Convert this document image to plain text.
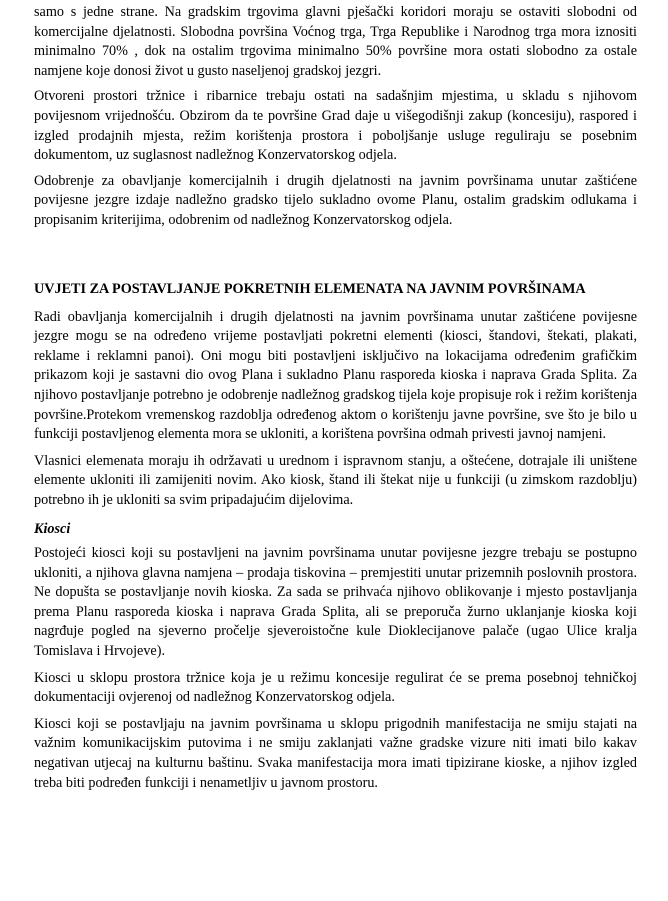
samo s jedne strane. Na gradskim trgovima glavni pješački koridori moraju se ostaviti slobodni od komercijalne djelatnosti. Slobodna površina Voćnog trga, Trga Republike i Narodnog trga mora iznositi minimalno 70% , dok na ostalim trgovima minimalno 50% površine mora ostati slobodno za ostale namjene koje donosi život u gusto naseljenoj gradskoj jezgri.

Otvoreni prostori tržnice i ribarnice trebaju ostati na sadašnjim mjestima, u skladu s njihovom povijesnom vrijednošću. Obzirom da te površine Grad daje u višegodišnji zakup (koncesiju), raspored i izgled prodajnih mjesta, režim korištenja prostora i poboljšanje usluge reguliraju se posebnim dokumentom, uz suglasnost nadležnog Konzervatorskog odjela.

Odobrenje za obavljanje komercijalnih i drugih djelatnosti na javnim površinama unutar zaštićene povijesne jezgre izdaje nadležno gradsko tijelo sukladno ovome Planu, ostalim gradskim odlukama i propisanim kriterijima, odobrenim od nadležnog Konzervatorskog odjela.

UVJETI ZA POSTAVLJANJE POKRETNIH ELEMENATA NA JAVNIM POVRŠINAMA

Radi obavljanja komercijalnih i drugih djelatnosti na javnim površinama unutar zaštićene povijesne jezgre mogu se na određeno vrijeme postavljati pokretni elementi (kiosci, štandovi, štekati, plakati, reklame i reklamni panoi). Oni mogu biti postavljeni isključivo na lokacijama određenim grafičkim prikazom koji je sastavni dio ovog Plana i sukladno Planu rasporeda kioska i naprava Grada Splita. Za njihovo postavljanje potrebno je odobrenje nadležnog gradskog tijela koje propisuje rok i režim korištenja površine.Protekom vremenskog razdoblja određenog aktom o korištenju javne površine, sve što je bilo u funkciji postavljenog elementa mora se ukloniti, a korištena površina odmah privesti javnoj namjeni.

Vlasnici elemenata moraju ih održavati u urednom i ispravnom stanju, a oštećene, dotrajale ili uništene elemente ukloniti ili zamijeniti novim. Ako kiosk, štand ili štekat nije u funkciji (u zimskom razdoblju) potrebno ih je ukloniti sa svim pripadajućim dijelovima.

Kiosci

Postojeći kiosci koji su postavljeni na javnim površinama unutar povijesne jezgre trebaju se postupno ukloniti, a njihova glavna namjena – prodaja tiskovina – premjestiti unutar prizemnih poslovnih prostora. Ne dopušta se postavljanje novih kioska. Za sada se prihvaća njihovo oblikovanje i mjesto postavljanja prema Planu rasporeda kioska i naprava Grada Splita, ali se preporuča žurno uklanjanje kioska koji nagrđuje pogled na sjeverno pročelje sjeveroistočne kule Dioklecijanove palače (ugao Ulice kralja Tomislava i Hrvojeve).

Kiosci u sklopu prostora tržnice koja je u režimu koncesije regulirat će se prema posebnoj tehničkoj dokumentaciji ovjerenoj od nadležnog Konzervatorskog odjela.

Kiosci koji se postavljaju na javnim površinama u sklopu prigodnih manifestacija ne smiju stajati na važnim komunikacijskim putovima i ne smiju zaklanjati važne gradske vizure niti imati bilo kakav negativan utjecaj na kulturnu baštinu. Svaka manifestacija mora imati tipizirane kioske, a njihov izgled treba biti podređen funkciji i nenametljiv u javnom prostoru.
